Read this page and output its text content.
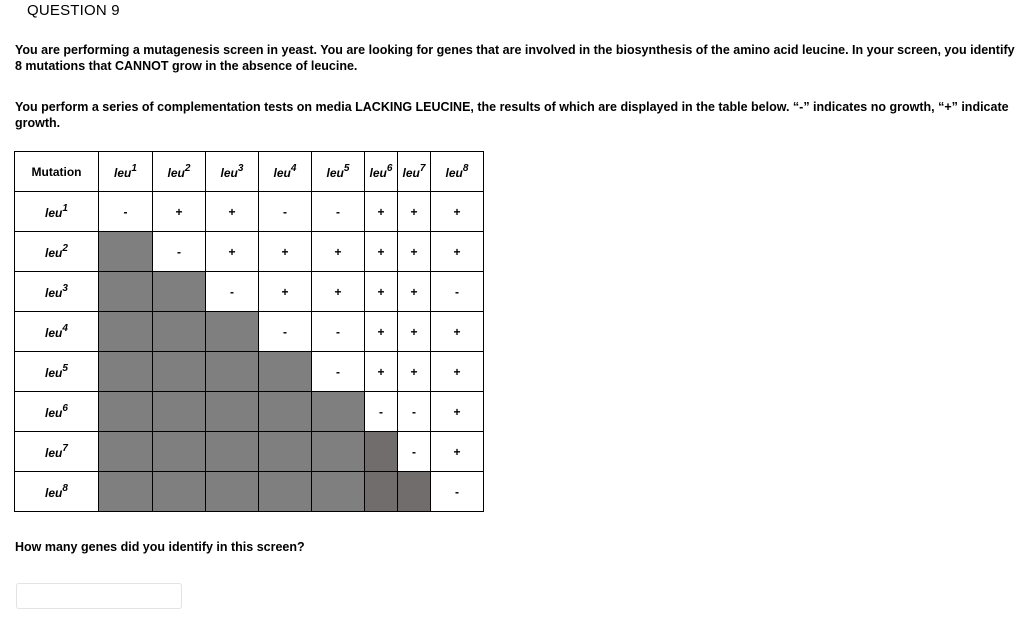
QUESTION 9
You are performing a mutagenesis screen in yeast. You are looking for genes that are involved in the biosynthesis of the amino acid leucine. In your screen, you identify 8 mutations that CANNOT grow in the absence of leucine.
You perform a series of complementation tests on media LACKING LEUCINE, the results of which are displayed in the table below. “-” indicates no growth, “+” indicate growth.
Mutation	leu$^1$	leu$^2$	leu$^3$	leu$^4$	leu$^5$	leu$^6$	leu$^7$	leu$^8$
leu$^1$	-	+	+	-	-	+	+	+
leu$^2$		-	+	+	+	+	+	+
leu$^3$			-	+	+	+	+	-
leu$^4$				-	-	+	+	+
leu$^5$					-	+	+	+
leu$^6$						-	-	+
leu$^7$							-	+
leu$^8$								-
How many genes did you identify in this screen?
